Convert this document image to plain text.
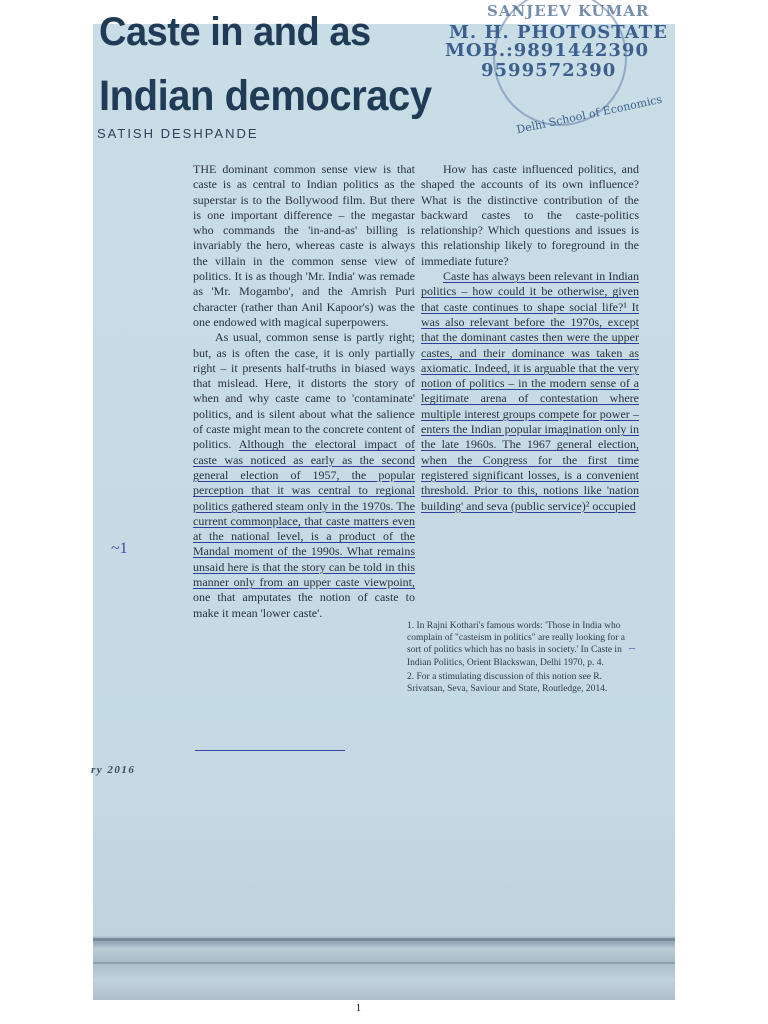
Caste in and as
Indian democracy
SATISH DESHPANDE
SANJEEV KUMAR
M. H. PHOTOSTATE
MOB.:9891442390
9599572390
Delhi School of Economics

THE dominant common sense view is that caste is as central to Indian politics as the superstar is to the Bollywood film. But there is one important difference – the megastar who commands the 'in-and-as' billing is invariably the hero, whereas caste is always the villain in the common sense view of politics. It is as though 'Mr. India' was remade as 'Mr. Mogambo', and the Amrish Puri character (rather than Anil Kapoor's) was the one endowed with magical superpowers.

As usual, common sense is partly right; but, as is often the case, it is only partially right – it presents half-truths in biased ways that mislead. Here, it distorts the story of when and why caste came to 'contaminate' politics, and is silent about what the salience of caste might mean to the concrete content of politics. Although the electoral impact of caste was noticed as early as the second general election of 1957, the popular perception that it was central to regional politics gathered steam only in the 1970s. The current commonplace, that caste matters even at the national level, is a product of the Mandal moment of the 1990s. What remains unsaid here is that the story can be told in this manner only from an upper caste viewpoint, one that amputates the notion of caste to make it mean 'lower caste'.

How has caste influenced politics, and shaped the accounts of its own influence? What is the distinctive contribution of the backward castes to the caste-politics relationship? Which questions and issues is this relationship likely to foreground in the immediate future?

Caste has always been relevant in Indian politics – how could it be otherwise, given that caste continues to shape social life?¹ It was also relevant before the 1970s, except that the dominant castes then were the upper castes, and their dominance was taken as axiomatic. Indeed, it is arguable that the very notion of politics – in the modern sense of a legitimate arena of contestation where multiple interest groups compete for power – enters the Indian popular imagination only in the late 1960s. The 1967 general election, when the Congress for the first time registered significant losses, is a convenient threshold. Prior to this, notions like 'nation building' and seva (public service)² occupied

1. In Rajni Kothari's famous words: 'Those in India who complain of "casteism in politics" are really looking for a sort of politics which has no basis in society.' In Caste in Indian Politics, Orient Blackswan, Delhi 1970, p. 4.

2. For a stimulating discussion of this notion see R. Srivatsan, Seva, Saviour and State, Routledge, 2014.

~1
–
ry 2016
1
